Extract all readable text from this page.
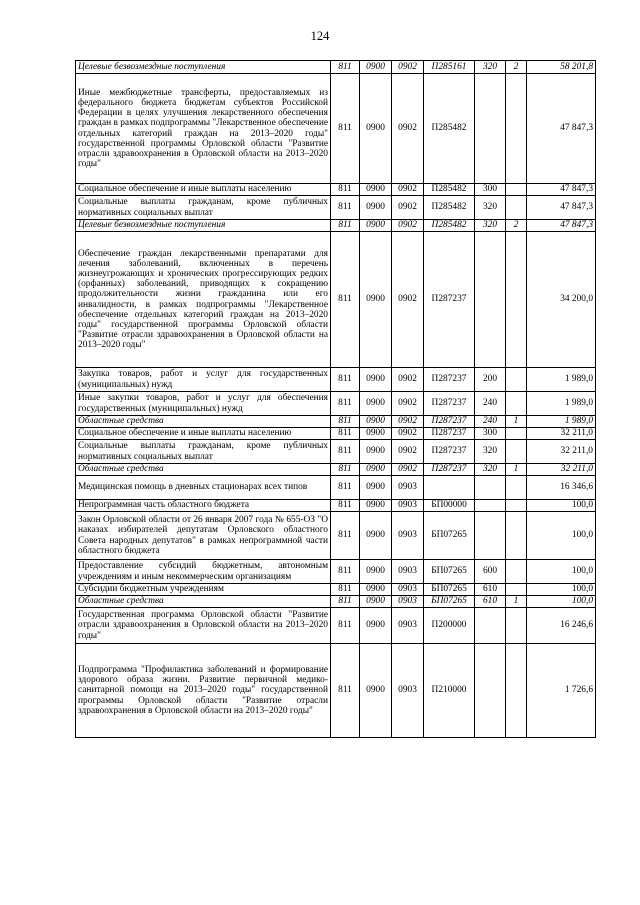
124
Целевые безвозмездные поступления	811	0900	0902	П285161	320	2	58 201,8
Иные межбюджетные трансферты, предоставляемых из федерального бюджета бюджетам субъектов Российской Федерации в целях улучшения лекарственного обеспечения граждан в рамках подпрограммы "Лекарственное обеспечение отдельных категорий граждан на 2013–2020 годы" государственной программы Орловской области "Развитие отрасли здравоохранения в Орловской области на 2013–2020 годы"	811	0900	0902	П285482			47 847,3
Социальное обеспечение и иные выплаты населению	811	0900	0902	П285482	300		47 847,3
Социальные выплаты гражданам, кроме публичных нормативных социальных выплат	811	0900	0902	П285482	320		47 847,3
Целевые безвозмездные поступления	811	0900	0902	П285482	320	2	47 847,3
Обеспечение граждан лекарственными препаратами для лечения заболеваний, включенных в перечень жизнеугрожающих и хронических прогрессирующих редких (орфанных) заболеваний, приводящих к сокращению продолжительности жизни гражданина или его инвалидности, в рамках подпрограммы "Лекарственное обеспечение отдельных категорий граждан на 2013–2020 годы" государственной программы Орловской области "Развитие отрасли здравоохранения в Орловской области на 2013–2020 годы"	811	0900	0902	П287237			34 200,0
Закупка товаров, работ и услуг для государственных (муниципальных) нужд	811	0900	0902	П287237	200		1 989,0
Иные закупки товаров, работ и услуг для обеспечения государственных (муниципальных) нужд	811	0900	0902	П287237	240		1 989,0
Областные средства	811	0900	0902	П287237	240	1	1 989,0
Социальное обеспечение и иные выплаты населению	811	0900	0902	П287237	300		32 211,0
Социальные выплаты гражданам, кроме публичных нормативных социальных выплат	811	0900	0902	П287237	320		32 211,0
Областные средства	811	0900	0902	П287237	320	1	32 211,0
Медицинская помощь в дневных стационарах всех типов	811	0900	0903				16 346,6
Непрограммная часть областного бюджета	811	0900	0903	БП00000			100,0
Закон Орловской области от 26 января 2007 года № 655-ОЗ "О наказах избирателей депутатам Орловского областного Совета народных депутатов" в рамках непрограммной части областного бюджета	811	0900	0903	БП07265			100,0
Предоставление субсидий бюджетным, автономным учреждениям и иным некоммерческим организациям	811	0900	0903	БП07265	600		100,0
Субсидии бюджетным учреждениям	811	0900	0903	БП07265	610		100,0
Областные средства	811	0900	0903	БП07265	610	1	100,0
Государственная программа Орловской области "Развитие отрасли здравоохранения в Орловской области на 2013–2020 годы"	811	0900	0903	П200000			16 246,6
Подпрограмма "Профилактика заболеваний и формирование здорового образа жизни. Развитие первичной медико-санитарной помощи на 2013–2020 годы" государственной программы Орловской области "Развитие отрасли здравоохранения в Орловской области на 2013–2020 годы"	811	0900	0903	П210000			1 726,6
